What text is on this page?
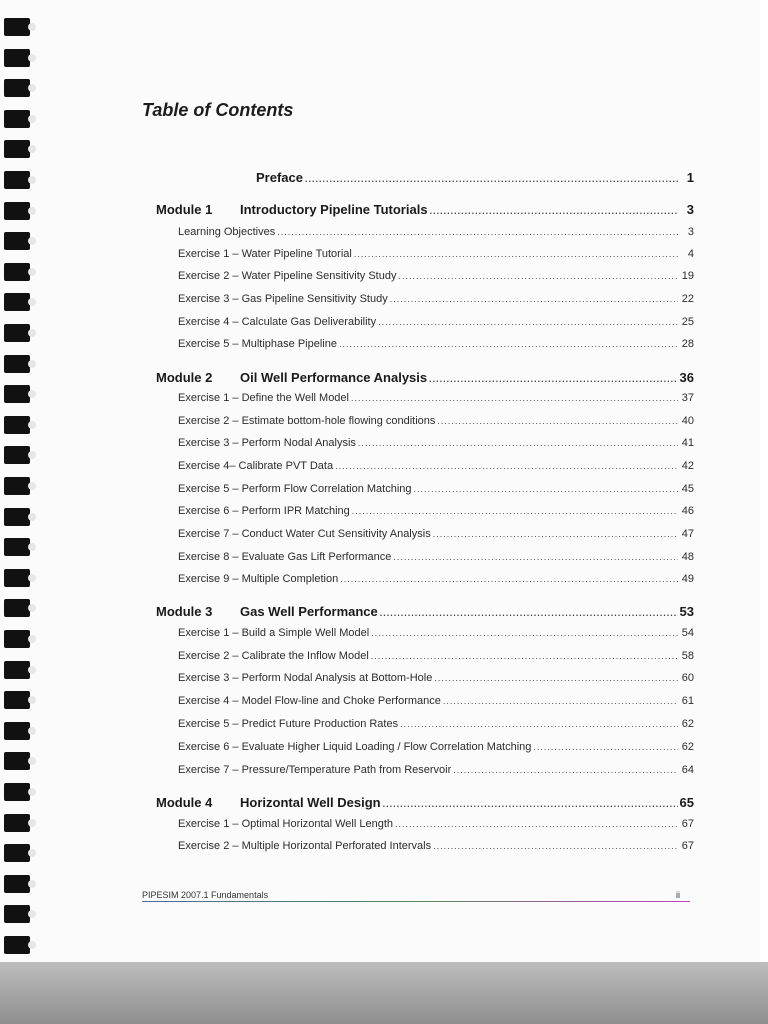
Table of Contents
Preface .....	1
Module 1	Introductory Pipeline Tutorials .....	3
Learning Objectives .....	3
Exercise 1 – Water Pipeline Tutorial .....	4
Exercise 2 – Water Pipeline Sensitivity Study .....	19
Exercise 3 – Gas Pipeline Sensitivity Study .....	22
Exercise 4 – Calculate Gas Deliverability .....	25
Exercise 5 – Multiphase Pipeline .....	28
Module 2	Oil Well Performance Analysis .....	36
Exercise 1 – Define the Well Model .....	37
Exercise 2 – Estimate bottom-hole flowing conditions .....	40
Exercise 3 – Perform Nodal Analysis .....	41
Exercise 4– Calibrate PVT Data .....	42
Exercise 5 – Perform Flow Correlation Matching .....	45
Exercise 6 – Perform IPR Matching .....	46
Exercise 7 – Conduct Water Cut Sensitivity Analysis .....	47
Exercise 8 – Evaluate Gas Lift Performance .....	48
Exercise 9 – Multiple Completion .....	49
Module 3	Gas Well Performance .....	53
Exercise 1 – Build a Simple Well Model .....	54
Exercise 2 – Calibrate the Inflow Model .....	58
Exercise 3 – Perform Nodal Analysis at Bottom-Hole .....	60
Exercise 4 – Model Flow-line and Choke Performance .....	61
Exercise 5 – Predict Future Production Rates .....	62
Exercise 6 – Evaluate Higher Liquid Loading / Flow Correlation Matching .....	62
Exercise 7 – Pressure/Temperature Path from Reservoir .....	64
Module 4	Horizontal Well Design .....	65
Exercise 1 – Optimal Horizontal Well Length .....	67
Exercise 2 – Multiple Horizontal Perforated Intervals .....	67
PIPESIM 2007.1 Fundamentals	ii
